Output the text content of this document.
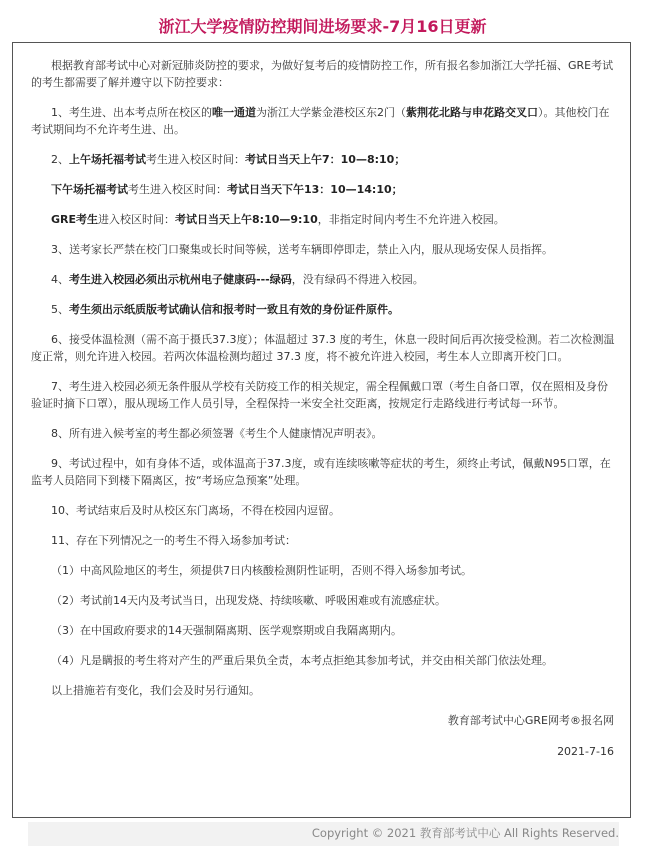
浙江大学疫情防控期间进场要求-7月16日更新

根据教育部考试中心对新冠肺炎防控的要求，为做好复考后的疫情防控工作，所有报名参加浙江大学托福、GRE考试的考生都需要了解并遵守以下防控要求：

1、考生进、出本考点所在校区的唯一通道为浙江大学紫金港校区东2门（紫荆花北路与申花路交叉口）。其他校门在考试期间均不允许考生进、出。

2、上午场托福考试考生进入校区时间：考试日当天上午7：10—8:10；

下午场托福考试考生进入校区时间：考试日当天下午13：10—14:10；

GRE考生进入校区时间：考试日当天上午8:10—9:10，非指定时间内考生不允许进入校园。

3、送考家长严禁在校门口聚集或长时间等候，送考车辆即停即走，禁止入内，服从现场安保人员指挥。

4、考生进入校园必须出示杭州电子健康码---绿码，没有绿码不得进入校园。

5、考生须出示纸质版考试确认信和报考时一致且有效的身份证件原件。

6、接受体温检测（需不高于摄氏37.3度）；体温超过 37.3 度的考生，休息一段时间后再次接受检测。若二次检测温度正常，则允许进入校园。若两次体温检测均超过 37.3 度，将不被允许进入校园，考生本人立即离开校门口。

7、考生进入校园必须无条件服从学校有关防疫工作的相关规定，需全程佩戴口罩（考生自备口罩，仅在照相及身份验证时摘下口罩），服从现场工作人员引导，全程保持一米安全社交距离，按规定行走路线进行考试每一环节。

8、所有进入候考室的考生都必须签署《考生个人健康情况声明表》。

9、考试过程中，如有身体不适，或体温高于37.3度，或有连续咳嗽等症状的考生，须终止考试，佩戴N95口罩，在监考人员陪同下到楼下隔离区，按“考场应急预案”处理。

10、考试结束后及时从校区东门离场，不得在校园内逗留。

11、存在下列情况之一的考生不得入场参加考试：

（1）中高风险地区的考生，须提供7日内核酸检测阴性证明，否则不得入场参加考试。

（2）考试前14天内及考试当日，出现发烧、持续咳嗽、呼吸困难或有流感症状。

（3）在中国政府要求的14天强制隔离期、医学观察期或自我隔离期内。

（4）凡是瞒报的考生将对产生的严重后果负全责，本考点拒绝其参加考试，并交由相关部门依法处理。

以上措施若有变化，我们会及时另行通知。

教育部考试中心GRE网考®报名网

2021-7-16

Copyright © 2021 教育部考试中心 All Rights Reserved.
